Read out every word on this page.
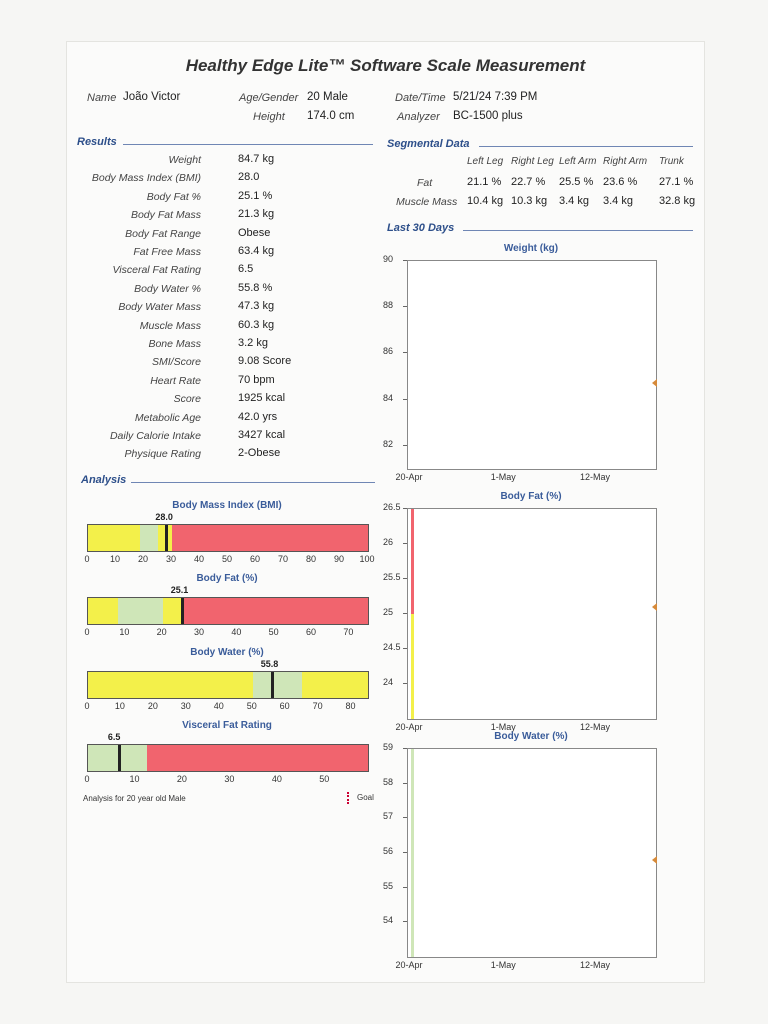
Healthy Edge Lite™ Software Scale Measurement
Name João Victor	Age/Gender 20 Male
Height 174.0 cm
Date/Time 5/21/24 7:39 PM
Analyzer BC-1500 plus
Results
Weight	84.7 kg
Body Mass Index (BMI)	28.0
Body Fat %	25.1 %
Body Fat Mass	21.3 kg
Body Fat Range	Obese
Fat Free Mass	63.4 kg
Visceral Fat Rating	6.5
Body Water %	55.8 %
Body Water Mass	47.3 kg
Muscle Mass	60.3 kg
Bone Mass	3.2 kg
SMI/Score	9.08 Score
Heart Rate	70 bpm
Score	1925 kcal
Metabolic Age	42.0 yrs
Daily Calorie Intake	3427 kcal
Physique Rating	2-Obese
Segmental Data
Left Leg Right Leg Left Arm Right Arm Trunk
Fat	21.1 % 22.7 % 25.5 % 23.6 % 27.1 %
Muscle Mass 10.4 kg 10.3 kg 3.4 kg 3.4 kg 32.8 kg
Last 30 Days
Weight (kg)
90
88
86
84
82
20-Apr	1-May	12-May
Body Fat (%)
26.5
26
25.5
25
24.5
24
20-Apr	1-May	12-May
Body Water (%)
59
58
57
56
55
54
20-Apr	1-May	12-May
Analysis
Body Mass Index (BMI)
28.0
0	10	20	30	40	50	60	70	80	90	100
Body Fat (%)
25.1
0	10	20	30	40	50	60	70
Body Water (%)
55.8
0	10	20	30	40	50	60	70	80
Visceral Fat Rating
6.5
0	10	20	30	40	50
Analysis for 20 year old Male	Goal
